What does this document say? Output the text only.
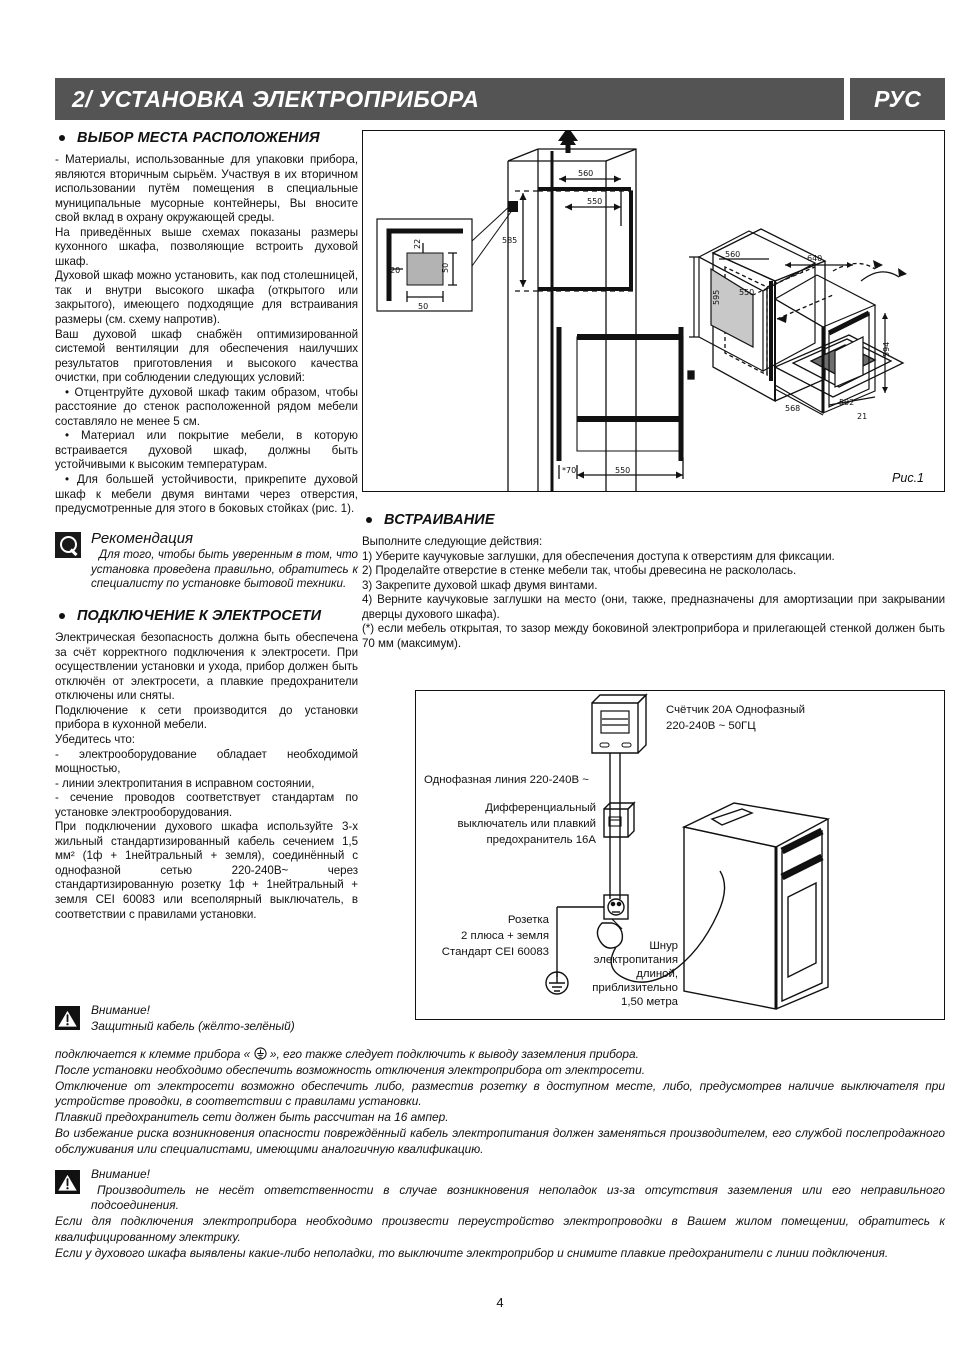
2/ УСТАНОВКА ЭЛЕКТРОПРИБОРА	РУС
560
550
585
20
50
50
22
*70	550
640
594
592
568
21
560
595 550
Рис.1
ВЫБОР МЕСТА РАСПОЛОЖЕНИЯ

- Материалы, использованные для упаковки прибора, являются вторичным сырьём. Участвуя в их вторичном использовании путём помещения в специальные муниципальные мусорные контейнеры, Вы вносите свой вклад в охрану окружающей среды.

На приведённых выше схемах показаны размеры кухонного шкафа, позволяющие встроить духовой шкаф.

Духовой шкаф можно установить, как под столешницей, так и внутри высокого шкафа (открытого или закрытого), имеющего подходящие для встраивания размеры (см. схему напротив).

Ваш духовой шкаф снабжён оптимизированной системой вентиляции для обеспечения наилучших результатов приготовления и высокого качества очистки, при соблюдении следующих условий:

• Отцентруйте духовой шкаф таким образом, чтобы расстояние до стенок расположенной рядом мебели составляло не менее 5 см.
• Материал или покрытие мебели, в которую встраивается духовой шкаф, должны быть устойчивыми к высоким температурам.
• Для большей устойчивости, прикрепите духовой шкаф к мебели двумя винтами через отверстия, предусмотренные для этого в боковых стойках (рис. 1).

Рекомендация

Для того, чтобы быть уверенным в том, что установка проведена правильно, обратитесь к специалисту по установке бытовой техники.

ПОДКЛЮЧЕНИЕ К ЭЛЕКТРОСЕТИ

Электрическая безопасность должна быть обеспечена за счёт корректного подключения к электросети. При осуществлении установки и ухода, прибор должен быть отключён от электросети, а плавкие предохранители отключены или сняты.

Подключение к сети производится до установки прибора в кухонной мебели.

Убедитесь что:

- электрооборудование обладает необходимой мощностью,

- линии электропитания в исправном состоянии,

- сечение проводов соответствует стандартам по установке электрооборудования.

При подключении духового шкафа используйте 3-х жильный стандартизированный кабель сечением 1,5 мм² (1ф + 1нейтральный + земля), соединённый с однофазной сетью 220-240В~ через стандартизированную розетку 1ф + 1нейтральный + земля CEI 60083 или всеполярный выключатель, в соответствии с правилами установки.

ВСТРАИВАНИЕ

Выполните следующие действия:

1) Уберите каучуковые заглушки, для обеспечения доступа к отверстиям для фиксации.

2) Проделайте отверстие в стенке мебели так, чтобы древесина не раскололась.

3) Закрепите духовой шкаф двумя винтами.

4) Верните каучуковые заглушки на место (они, также, предназначены для амортизации при закрывании дверцы духового шкафа).

(*) если мебель открытая, то зазор между боковиной электроприбора и прилегающей стенкой должен быть 70 мм (максимум).

Счётчик 20А Однофазный
220-240В ~ 50ГЦ
Однофазная линия 220-240В ~
Дифференциальный
выключатель или плавкий
предохранитель 16А
Розетка
2 плюса + земля
Стандарт CEI 60083	Шнур
электропитания
длиной,
приблизительно
1,50 метра

Внимание!

Защитный кабель (жёлто-зелёный)

подключается к клемме прибора «  », его также следует подключить к выводу заземления прибора.

После установки необходимо обеспечить возможность отключения электроприбора от электросети.

Отключение от электросети возможно обеспечить либо, разместив розетку в доступном месте, либо, предусмотрев наличие выключателя при устройстве проводки, в соответствии с правилами установки.

Плавкий предохранитель сети должен быть рассчитан на 16 ампер.

Во избежание риска возникновения опасности повреждённый кабель электропитания должен заменяться производителем, его службой послепродажного обслуживания или специалистами, имеющими аналогичную квалификацию.

Внимание!

Производитель не несёт ответственности в случае возникновения неполадок из-за отсутствия заземления или его неправильного подсоединения.

Если для подключения электроприбора необходимо произвести переустройство электропроводки в Вашем жилом помещении, обратитесь к квалифицированному электрику.

Если у духового шкафа выявлены какие-либо неполадки, то выключите электроприбор и снимите плавкие предохранители с линии подключения.

4
